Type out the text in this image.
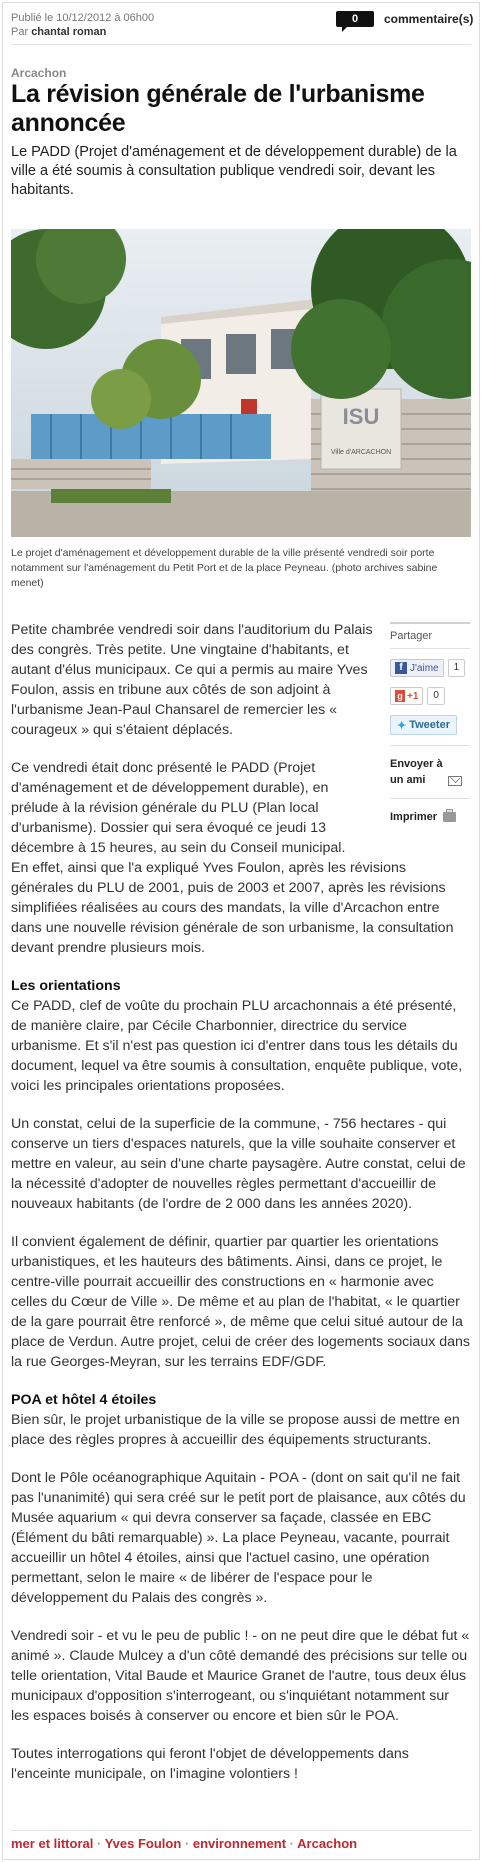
Publié le 10/12/2012 à 06h00
Par chantal roman
0	commentaire(s)
Arcachon
La révision générale de l'urbanisme annoncée
Le PADD (Projet d'aménagement et de développement durable) de la ville a été soumis à consultation publique vendredi soir, devant les habitants.
ISU
Ville d'ARCACHON
Le projet d'aménagement et développement durable de la ville présenté vendredi soir porte notamment sur l'aménagement du Petit Port et de la place Peyneau. (photo archives sabine menet)
Partager
f J'aime	1
g +1	0
✦ Tweeter
Envoyer à un ami
Imprimer

Petite chambrée vendredi soir dans l'auditorium du Palais des congrès. Très petite. Une vingtaine d'habitants, et autant d'élus municipaux. Ce qui a permis au maire Yves Foulon, assis en tribune aux côtés de son adjoint à l'urbanisme Jean-Paul Chansarel de remercier les « courageux » qui s'étaient déplacés.

Ce vendredi était donc présenté le PADD (Projet d'aménagement et de développement durable), en prélude à la révision générale du PLU (Plan local d'urbanisme). Dossier qui sera évoqué ce jeudi 13 décembre à 15 heures, au sein du Conseil municipal.

En effet, ainsi que l'a expliqué Yves Foulon, après les révisions générales du PLU de 2001, puis de 2003 et 2007, après les révisions simplifiées réalisées au cours des mandats, la ville d'Arcachon entre dans une nouvelle révision générale de son urbanisme, la consultation devant prendre plusieurs mois.

Les orientations

Ce PADD, clef de voûte du prochain PLU arcachonnais a été présenté, de manière claire, par Cécile Charbonnier, directrice du service urbanisme. Et s'il n'est pas question ici d'entrer dans tous les détails du document, lequel va être soumis à consultation, enquête publique, vote, voici les principales orientations proposées.

Un constat, celui de la superficie de la commune, - 756 hectares - qui conserve un tiers d'espaces naturels, que la ville souhaite conserver et mettre en valeur, au sein d'une charte paysagère. Autre constat, celui de la nécessité d'adopter de nouvelles règles permettant d'accueillir de nouveaux habitants (de l'ordre de 2 000 dans les années 2020).

Il convient également de définir, quartier par quartier les orientations urbanistiques, et les hauteurs des bâtiments. Ainsi, dans ce projet, le centre-ville pourrait accueillir des constructions en « harmonie avec celles du Cœur de Ville ». De même et au plan de l'habitat, « le quartier de la gare pourrait être renforcé », de même que celui situé autour de la place de Verdun. Autre projet, celui de créer des logements sociaux dans la rue Georges-Meyran, sur les terrains EDF/GDF.

POA et hôtel 4 étoiles

Bien sûr, le projet urbanistique de la ville se propose aussi de mettre en place des règles propres à accueillir des équipements structurants.

Dont le Pôle océanographique Aquitain - POA - (dont on sait qu'il ne fait pas l'unanimité) qui sera créé sur le petit port de plaisance, aux côtés du Musée aquarium « qui devra conserver sa façade, classée en EBC (Élément du bâti remarquable) ». La place Peyneau, vacante, pourrait accueillir un hôtel 4 étoiles, ainsi que l'actuel casino, une opération permettant, selon le maire « de libérer de l'espace pour le développement du Palais des congrès ».

Vendredi soir - et vu le peu de public ! - on ne peut dire que le débat fut « animé ». Claude Mulcey a d'un côté demandé des précisions sur telle ou telle orientation, Vital Baude et Maurice Granet de l'autre, tous deux élus municipaux d'opposition s'interrogeant, ou s'inquiétant notamment sur les espaces boisés à conserver ou encore et bien sûr le POA.

Toutes interrogations qui feront l'objet de développements dans l'enceinte municipale, on l'imagine volontiers !

mer et littoral · Yves Foulon · environnement · Arcachon
